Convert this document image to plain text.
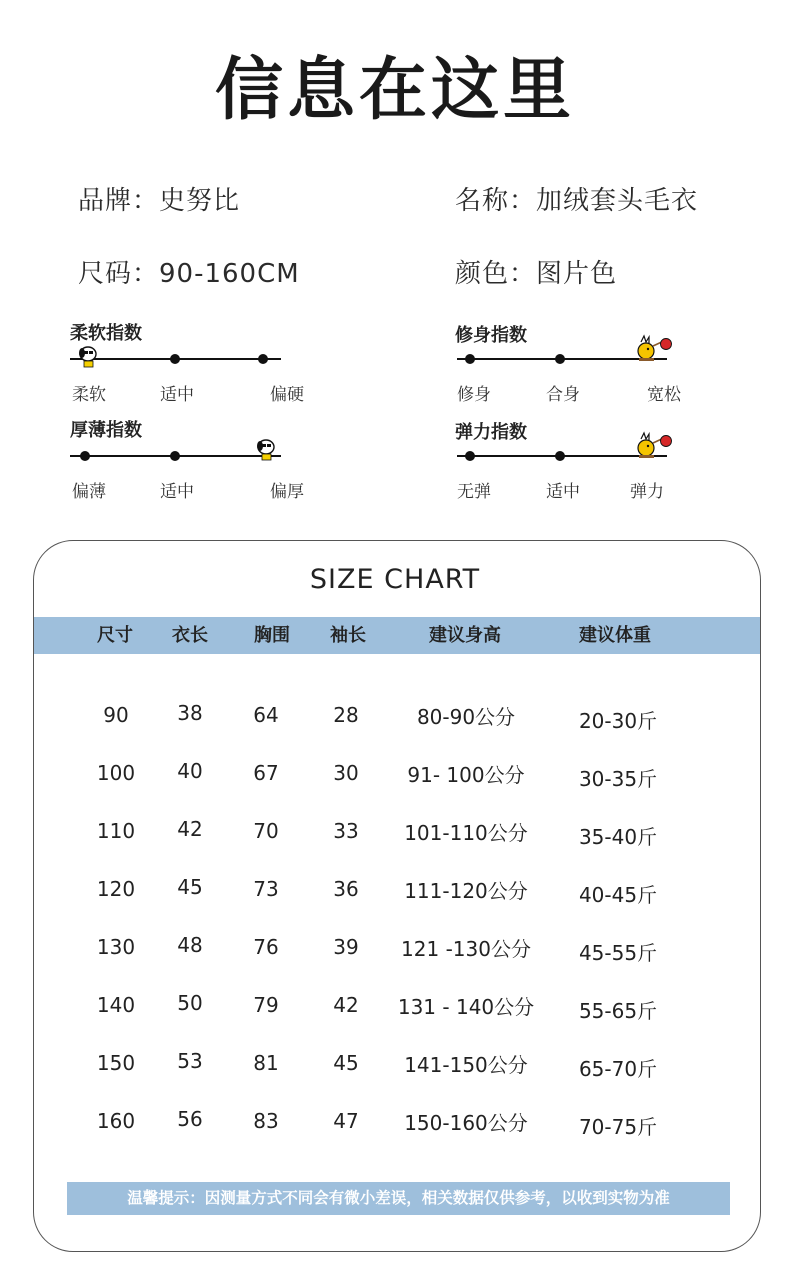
信息在这里
品牌：史努比	名称：加绒套头毛衣
尺码：90-160CM	颜色：图片色
柔软指数
柔软	适中	偏硬
修身指数
修身	合身	宽松
厚薄指数
偏薄	适中	偏厚
弹力指数
无弹	适中	弹力
SIZE CHART
尺寸	衣长	胸围	袖长	建议身高	建议体重
90	38	64	28	80-90公分	20-30斤
100	40	67	30	91- 100公分	30-35斤
110	42	70	33	101-110公分	35-40斤
120	45	73	36	111-120公分	40-45斤
130	48	76	39	121 -130公分	45-55斤
140	50	79	42	131 - 140公分	55-65斤
150	53	81	45	141-150公分	65-70斤
160	56	83	47	150-160公分	70-75斤
温馨提示：因测量方式不同会有微小差误，相关数据仅供参考，以收到实物为准
